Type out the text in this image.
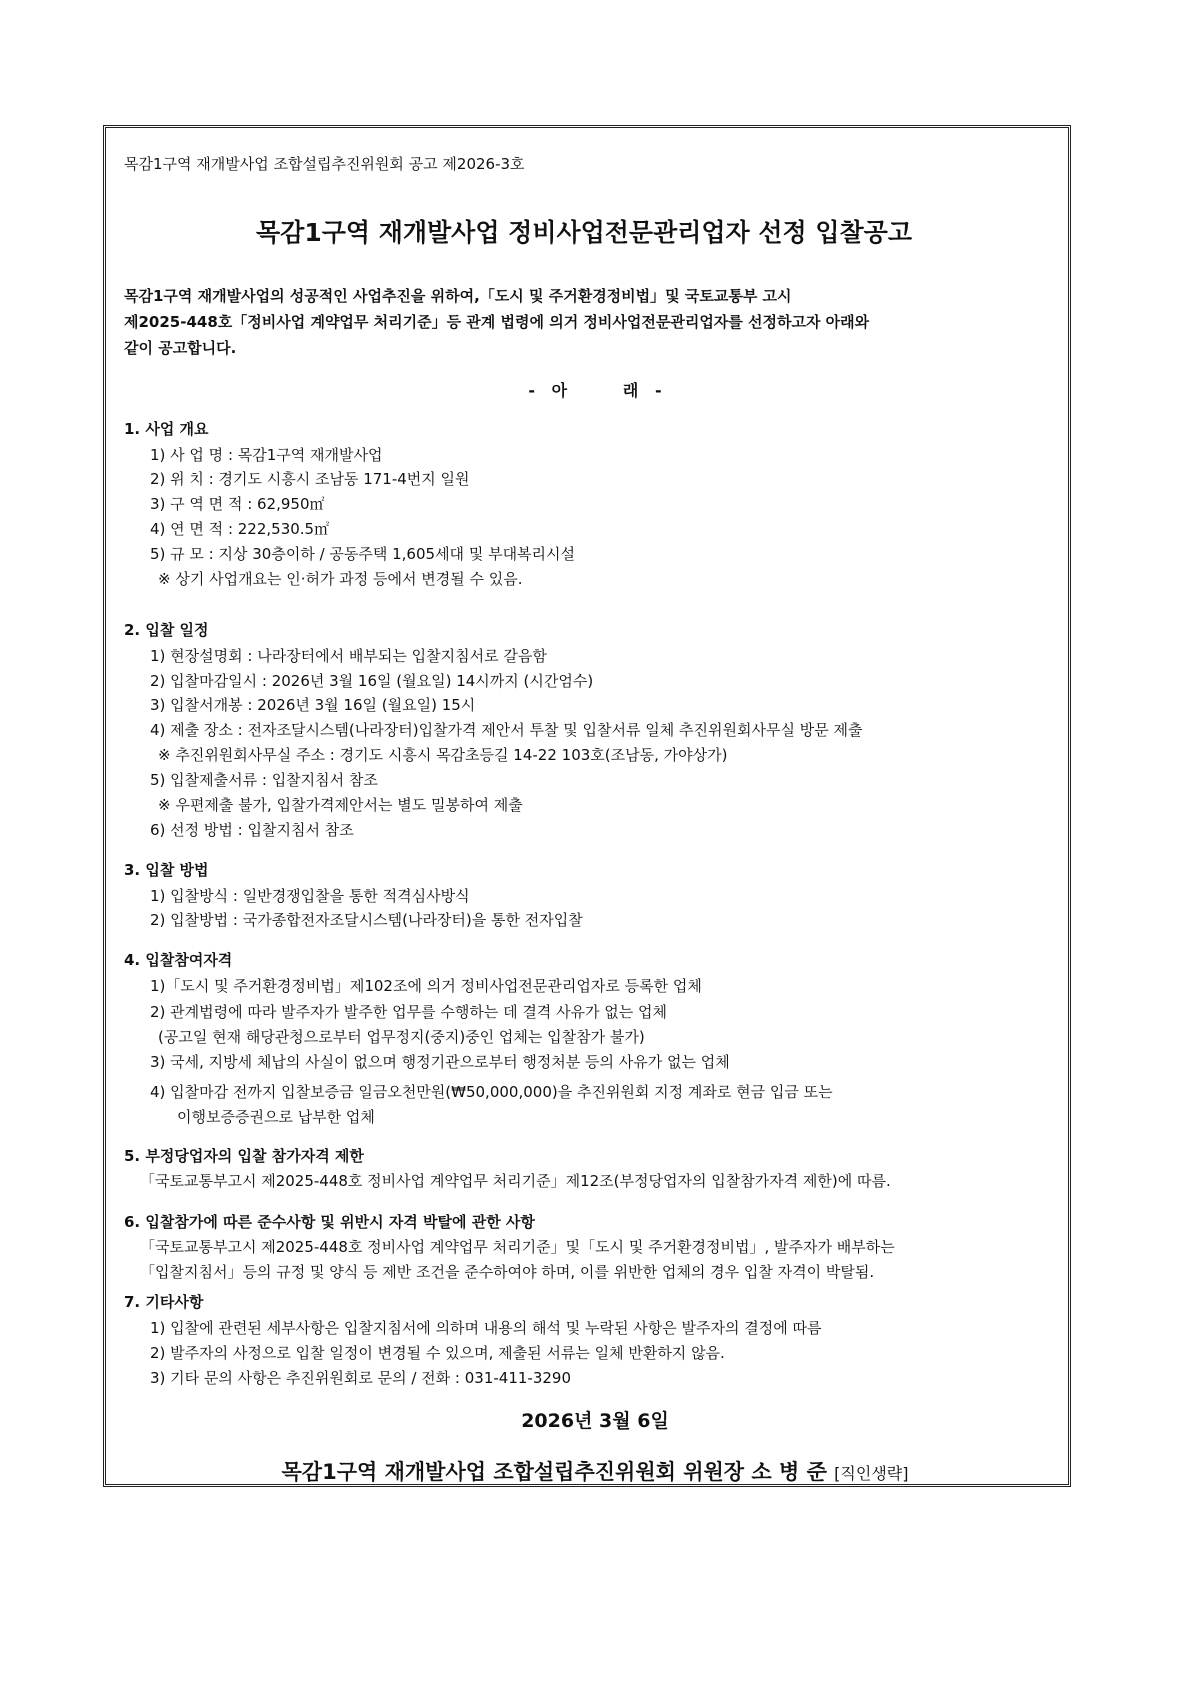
목감1구역 재개발사업 조합설립추진위원회 공고 제2026-3호
목감1구역 재개발사업 정비사업전문관리업자 선정 입찰공고
목감1구역 재개발사업의 성공적인 사업추진을 위하여,「도시 및 주거환경정비법」및 국토교통부 고시
제2025-448호「정비사업 계약업무 처리기준」등 관계 법령에 의거 정비사업전문관리업자를 선정하고자 아래와
같이 공고합니다.
-   아          래   -
1. 사업 개요
1) 사 업 명 : 목감1구역 재개발사업
2) 위 치 : 경기도 시흥시 조남동 171-4번지 일원
3) 구 역 면 적 : 62,950㎡
4) 연 면 적 : 222,530.5㎡
5) 규 모 : 지상 30층이하 / 공동주택 1,605세대 및 부대복리시설
※ 상기 사업개요는 인·허가 과정 등에서 변경될 수 있음.
2. 입찰 일정
1) 현장설명회 : 나라장터에서 배부되는 입찰지침서로 갈음함
2) 입찰마감일시 : 2026년 3월 16일 (월요일) 14시까지 (시간엄수)
3) 입찰서개봉 : 2026년 3월 16일 (월요일) 15시
4) 제출 장소 : 전자조달시스템(나라장터)입찰가격 제안서 투찰 및 입찰서류 일체 추진위원회사무실 방문 제출
※ 추진위원회사무실 주소 : 경기도 시흥시 목감초등길 14-22 103호(조남동, 가야상가)
5) 입찰제출서류 : 입찰지침서 참조
※ 우편제출 불가, 입찰가격제안서는 별도 밀봉하여 제출
6) 선정 방법 : 입찰지침서 참조
3. 입찰 방법
1) 입찰방식 : 일반경쟁입찰을 통한 적격심사방식
2) 입찰방법 : 국가종합전자조달시스템(나라장터)을 통한 전자입찰
4. 입찰참여자격
1)「도시 및 주거환경정비법」제102조에 의거 정비사업전문관리업자로 등록한 업체
2) 관계법령에 따라 발주자가 발주한 업무를 수행하는 데 결격 사유가 없는 업체
(공고일 현재 해당관청으로부터 업무정지(중지)중인 업체는 입찰참가 불가)
3) 국세, 지방세 체납의 사실이 없으며 행정기관으로부터 행정처분 등의 사유가 없는 업체
4) 입찰마감 전까지 입찰보증금 일금오천만원(₩50,000,000)을 추진위원회 지정 계좌로 현금 입금 또는
이행보증증권으로 납부한 업체
5. 부정당업자의 입찰 참가자격 제한
「국토교통부고시 제2025-448호 정비사업 계약업무 처리기준」제12조(부정당업자의 입찰참가자격 제한)에 따름.
6. 입찰참가에 따른 준수사항 및 위반시 자격 박탈에 관한 사항
「국토교통부고시 제2025-448호 정비사업 계약업무 처리기준」및「도시 및 주거환경정비법」, 발주자가 배부하는
「입찰지침서」등의 규정 및 양식 등 제반 조건을 준수하여야 하며, 이를 위반한 업체의 경우 입찰 자격이 박탈됨.
7. 기타사항
1) 입찰에 관련된 세부사항은 입찰지침서에 의하며 내용의 해석 및 누락된 사항은 발주자의 결정에 따름
2) 발주자의 사정으로 입찰 일정이 변경될 수 있으며, 제출된 서류는 일체 반환하지 않음.
3) 기타 문의 사항은 추진위원회로 문의 / 전화 : 031-411-3290
2026년 3월 6일
목감1구역 재개발사업 조합설립추진위원회 위원장 소 병 준 [직인생략]
